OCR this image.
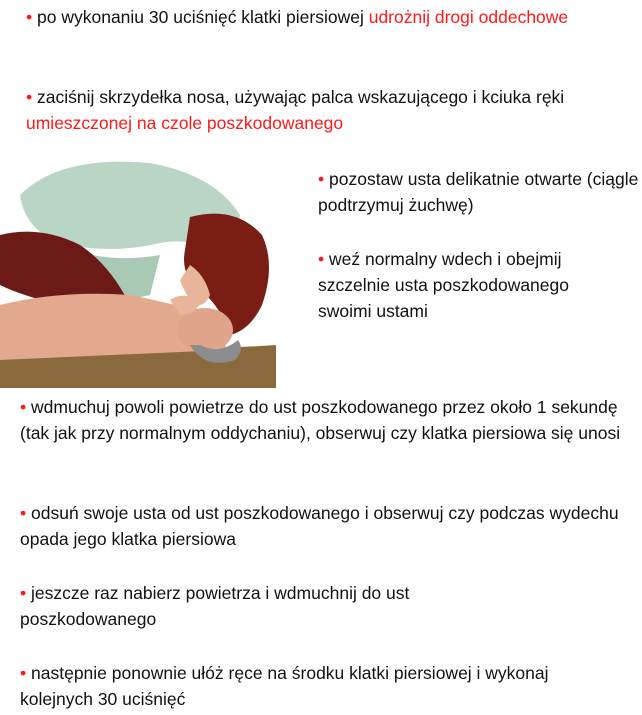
• po wykonaniu 30 uciśnięć klatki piersiowej udrożnij drogi oddechowe

• zaciśnij skrzydełka nosa, używając palca wskazującego i kciuka ręki umieszczonej na czole poszkodowanego

• pozostaw usta delikatnie otwarte (ciągle podtrzymuj żuchwę)

• weź normalny wdech i obejmij szczelnie usta poszkodowanego swoimi ustami

• wdmuchuj powoli powietrze do ust poszkodowanego przez około 1 sekundę (tak jak przy normalnym oddychaniu), obserwuj czy klatka piersiowa się unosi

• odsuń swoje usta od ust poszkodowanego i obserwuj czy podczas wydechu opada jego klatka piersiowa

• jeszcze raz nabierz powietrza i wdmuchnij do ust poszkodowanego

• następnie ponownie ułóż ręce na środku klatki piersiowej i wykonaj kolejnych 30 uciśnięć
